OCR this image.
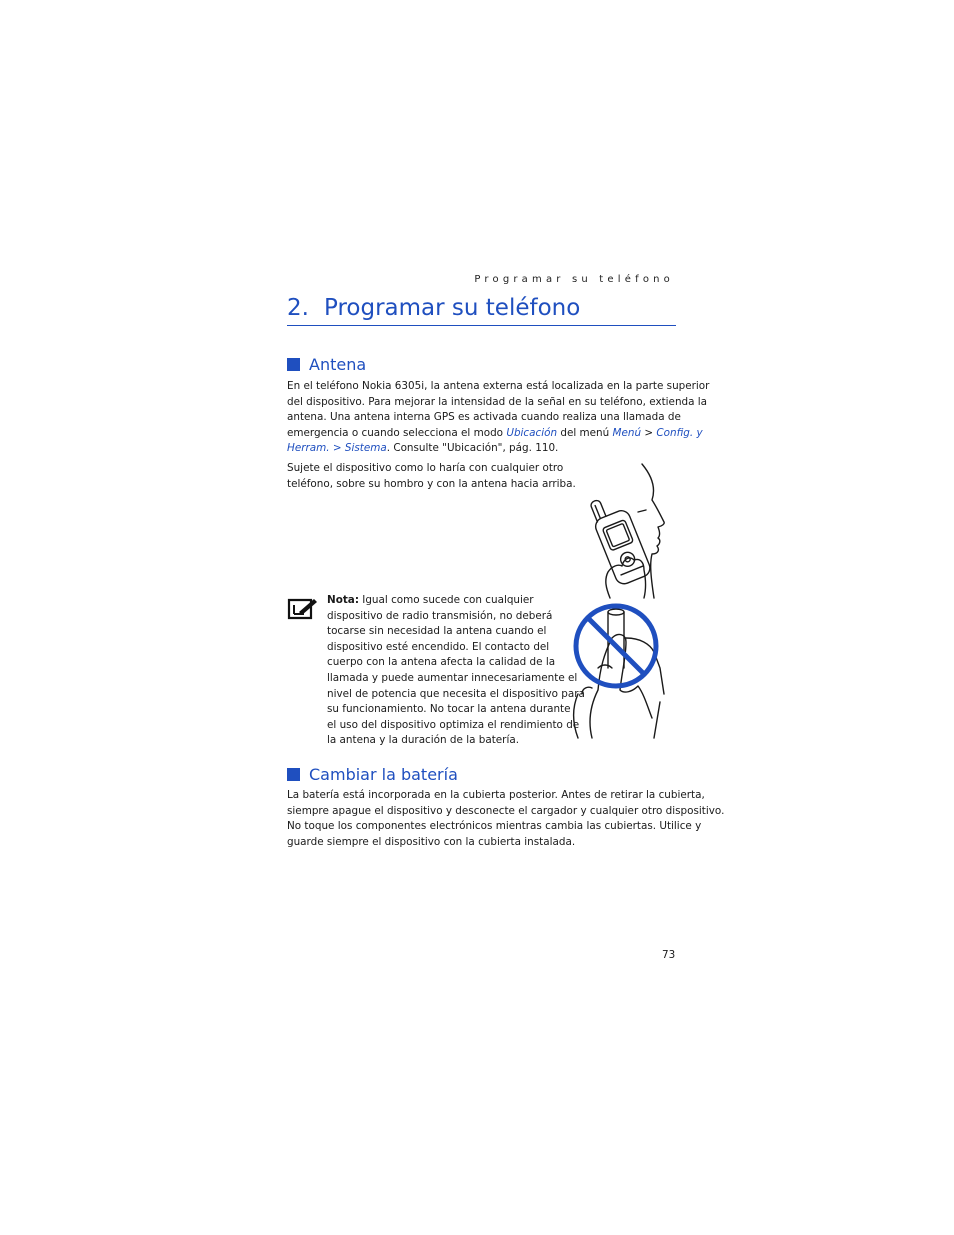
Programar su teléfono
2. Programar su teléfono
Antena
En el teléfono Nokia 6305i, la antena externa está localizada en la parte superior
del dispositivo. Para mejorar la intensidad de la señal en su teléfono, extienda la
antena. Una antena interna GPS es activada cuando realiza una llamada de
emergencia o cuando selecciona el modo Ubicación del menú Menú > Config. y
Herram. > Sistema. Consulte "Ubicación", pág. 110.
Sujete el dispositivo como lo haría con cualquier otro
teléfono, sobre su hombro y con la antena hacia arriba.
Nota: Igual como sucede con cualquier
dispositivo de radio transmisión, no deberá
tocarse sin necesidad la antena cuando el
dispositivo esté encendido. El contacto del
cuerpo con la antena afecta la calidad de la
llamada y puede aumentar innecesariamente el
nivel de potencia que necesita el dispositivo para
su funcionamiento. No tocar la antena durante
el uso del dispositivo optimiza el rendimiento de
la antena y la duración de la batería.
Cambiar la batería
La batería está incorporada en la cubierta posterior. Antes de retirar la cubierta,
siempre apague el dispositivo y desconecte el cargador y cualquier otro dispositivo.
No toque los componentes electrónicos mientras cambia las cubiertas. Utilice y
guarde siempre el dispositivo con la cubierta instalada.
73
